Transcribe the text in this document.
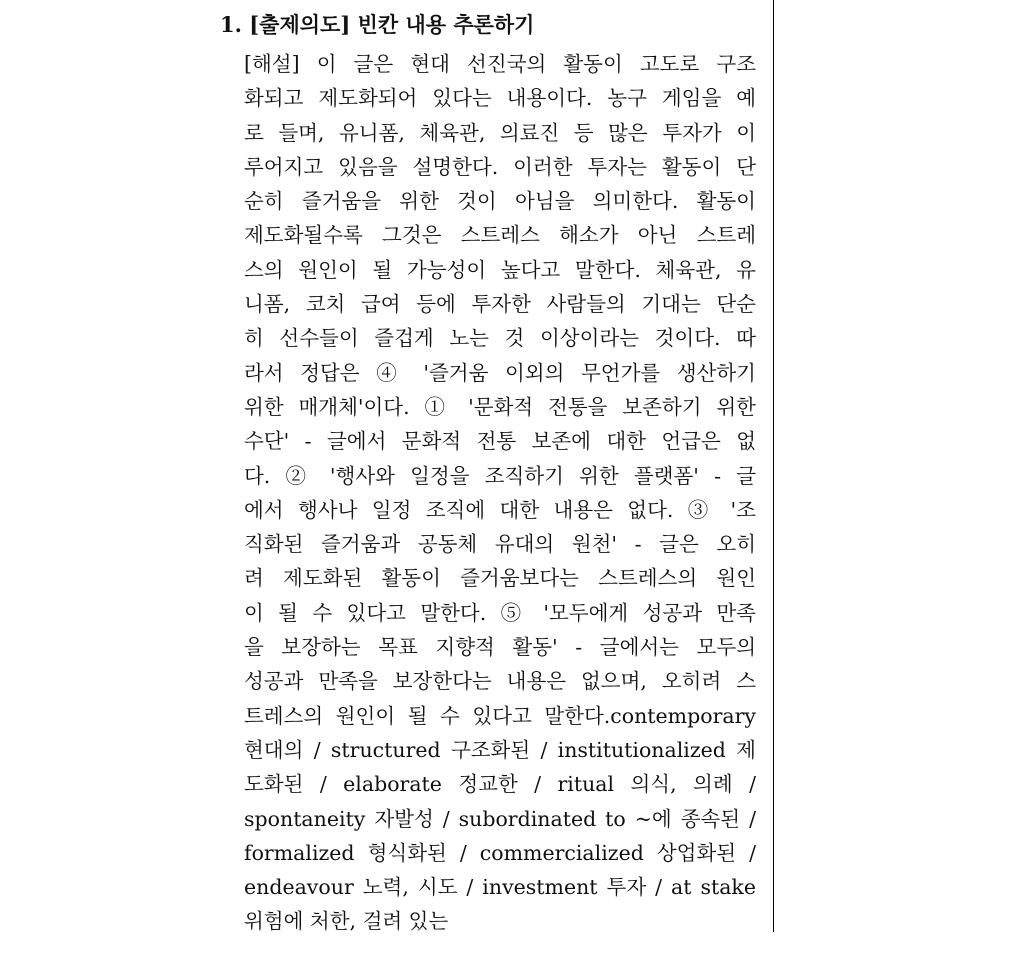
1. [출제의도] 빈칸 내용 추론하기
[해설] 이 글은 현대 선진국의 활동이 고도로 구조
화되고 제도화되어 있다는 내용이다. 농구 게임을 예
로 들며, 유니폼, 체육관, 의료진 등 많은 투자가 이
루어지고 있음을 설명한다. 이러한 투자는 활동이 단
순히 즐거움을 위한 것이 아님을 의미한다. 활동이
제도화될수록 그것은 스트레스 해소가 아닌 스트레
스의 원인이 될 가능성이 높다고 말한다. 체육관, 유
니폼, 코치 급여 등에 투자한 사람들의 기대는 단순
히 선수들이 즐겁게 노는 것 이상이라는 것이다. 따
라서 정답은 ④ '즐거움 이외의 무언가를 생산하기
위한 매개체'이다. ① '문화적 전통을 보존하기 위한
수단' - 글에서 문화적 전통 보존에 대한 언급은 없
다. ② '행사와 일정을 조직하기 위한 플랫폼' - 글
에서 행사나 일정 조직에 대한 내용은 없다. ③ '조
직화된 즐거움과 공동체 유대의 원천' - 글은 오히
려 제도화된 활동이 즐거움보다는 스트레스의 원인
이 될 수 있다고 말한다. ⑤ '모두에게 성공과 만족
을 보장하는 목표 지향적 활동' - 글에서는 모두의
성공과 만족을 보장한다는 내용은 없으며, 오히려 스
트레스의 원인이 될 수 있다고 말한다.contemporary
현대의 / structured 구조화된 / institutionalized 제
도화된 / elaborate 정교한 / ritual 의식, 의례 /
spontaneity 자발성 / subordinated to ~에 종속된 /
formalized 형식화된 / commercialized 상업화된 /
endeavour 노력, 시도 / investment 투자 / at stake
위험에 처한, 걸려 있는
